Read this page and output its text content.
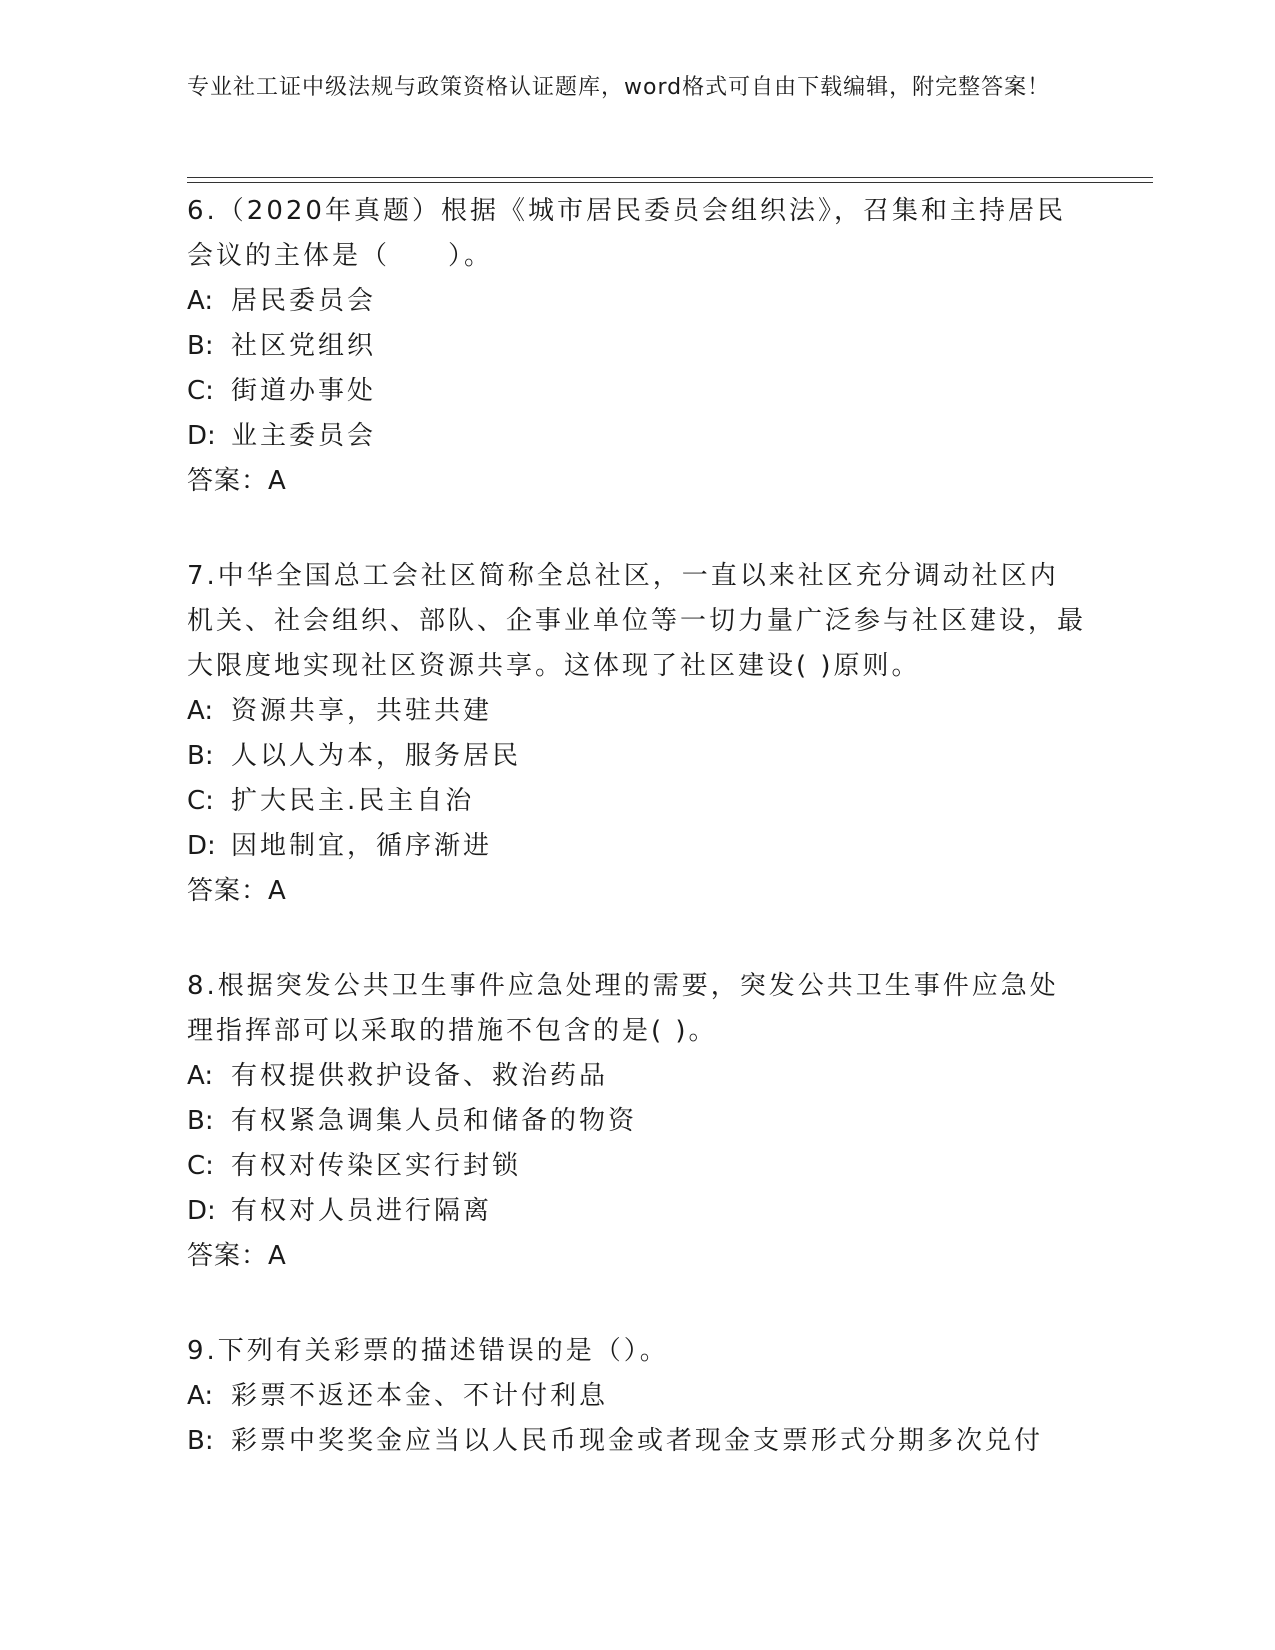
专业社工证中级法规与政策资格认证题库，word格式可自由下载编辑，附完整答案！

6.（2020年真题）根据《城市居民委员会组织法》，召集和主持居民会议的主体是（　　）。

A: 居民委员会
B: 社区党组织
C: 街道办事处
D: 业主委员会
答案：A

7.中华全国总工会社区简称全总社区，一直以来社区充分调动社区内机关、社会组织、部队、企事业单位等一切力量广泛参与社区建设，最大限度地实现社区资源共享。这体现了社区建设( )原则。

A: 资源共享，共驻共建
B: 人以人为本，服务居民
C: 扩大民主.民主自治
D: 因地制宜，循序渐进
答案：A

8.根据突发公共卫生事件应急处理的需要，突发公共卫生事件应急处理指挥部可以采取的措施不包含的是( )。

A: 有权提供救护设备、救治药品
B: 有权紧急调集人员和储备的物资
C: 有权对传染区实行封锁
D: 有权对人员进行隔离
答案：A

9.下列有关彩票的描述错误的是（）。

A: 彩票不返还本金、不计付利息
B: 彩票中奖奖金应当以人民币现金或者现金支票形式分期多次兑付
